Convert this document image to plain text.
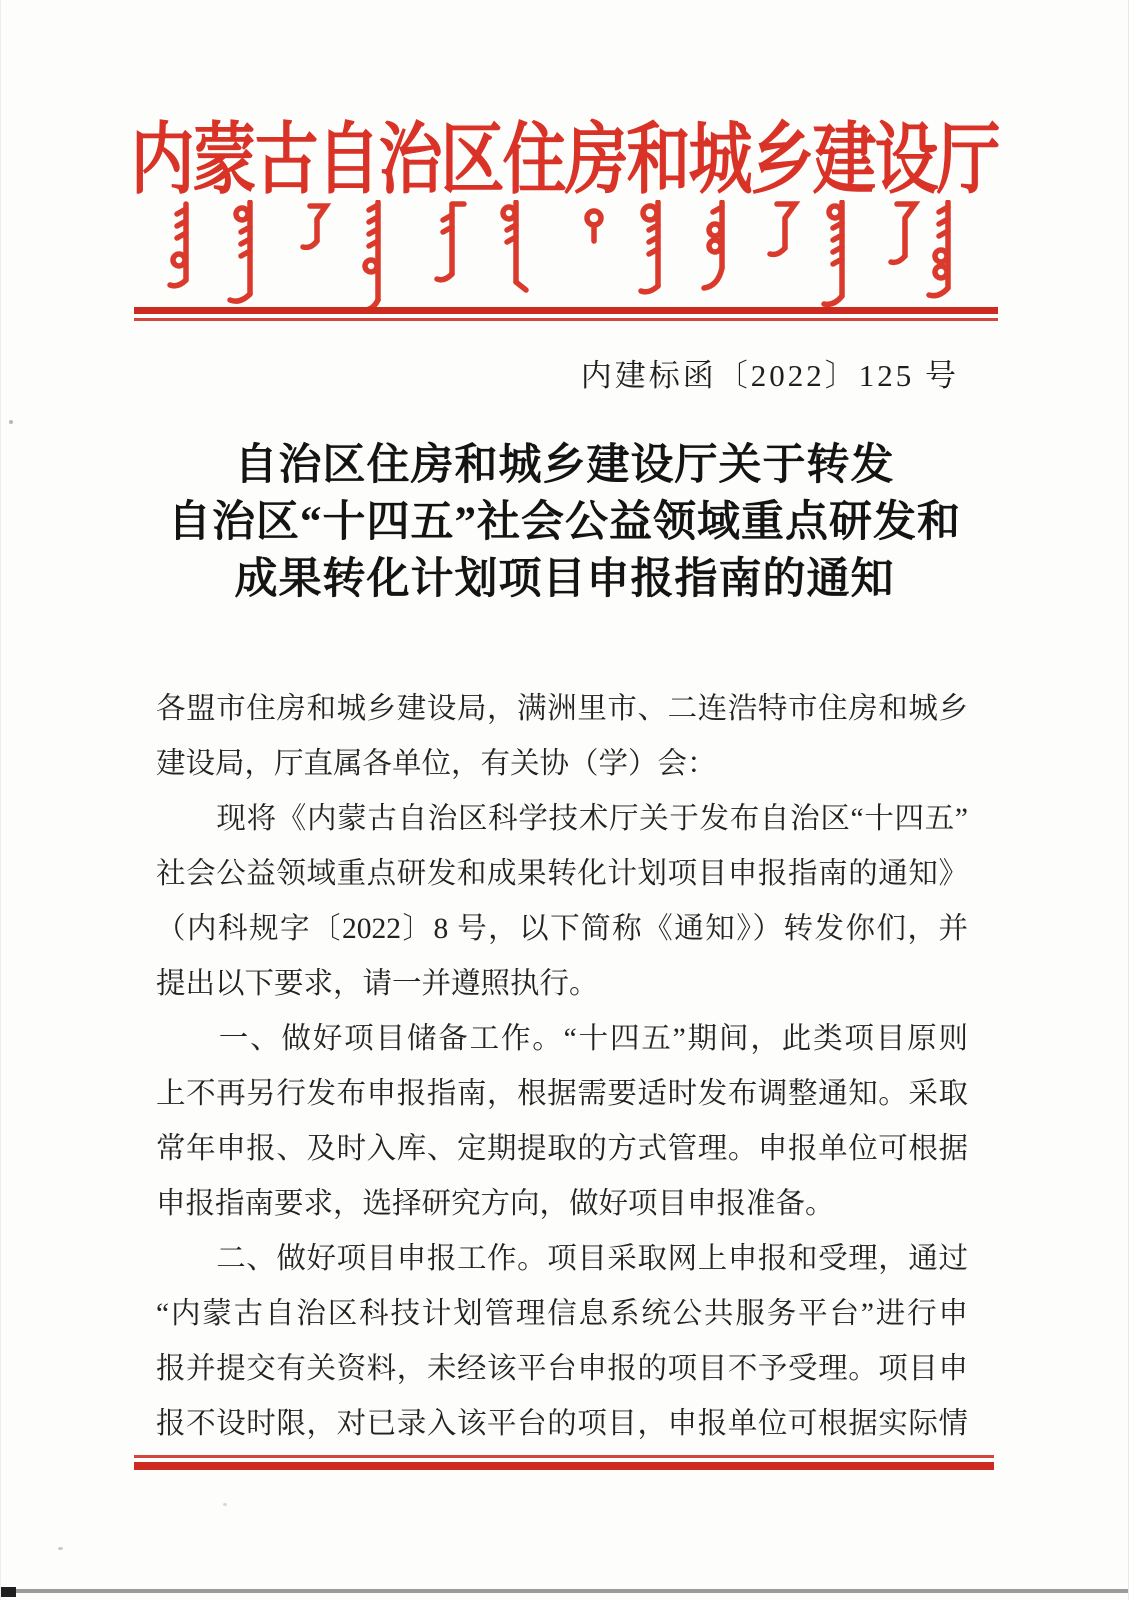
内蒙古自治区住房和城乡建设厅
内建标函〔2022〕125 号
自治区住房和城乡建设厅关于转发
自治区“十四五”社会公益领域重点研发和
成果转化计划项目申报指南的通知
各盟市住房和城乡建设局，满洲里市、二连浩特市住房和城乡
建设局，厅直属各单位，有关协（学）会：
　　现将《内蒙古自治区科学技术厅关于发布自治区“十四五”
社会公益领域重点研发和成果转化计划项目申报指南的通知》
（内科规字〔2022〕8 号，以下简称《通知》）转发你们，并
提出以下要求，请一并遵照执行。
　　一、做好项目储备工作。“十四五”期间，此类项目原则
上不再另行发布申报指南，根据需要适时发布调整通知。采取
常年申报、及时入库、定期提取的方式管理。申报单位可根据
申报指南要求，选择研究方向，做好项目申报准备。
　　二、做好项目申报工作。项目采取网上申报和受理，通过
“内蒙古自治区科技计划管理信息系统公共服务平台”进行申
报并提交有关资料，未经该平台申报的项目不予受理。项目申
报不设时限，对已录入该平台的项目，申报单位可根据实际情
